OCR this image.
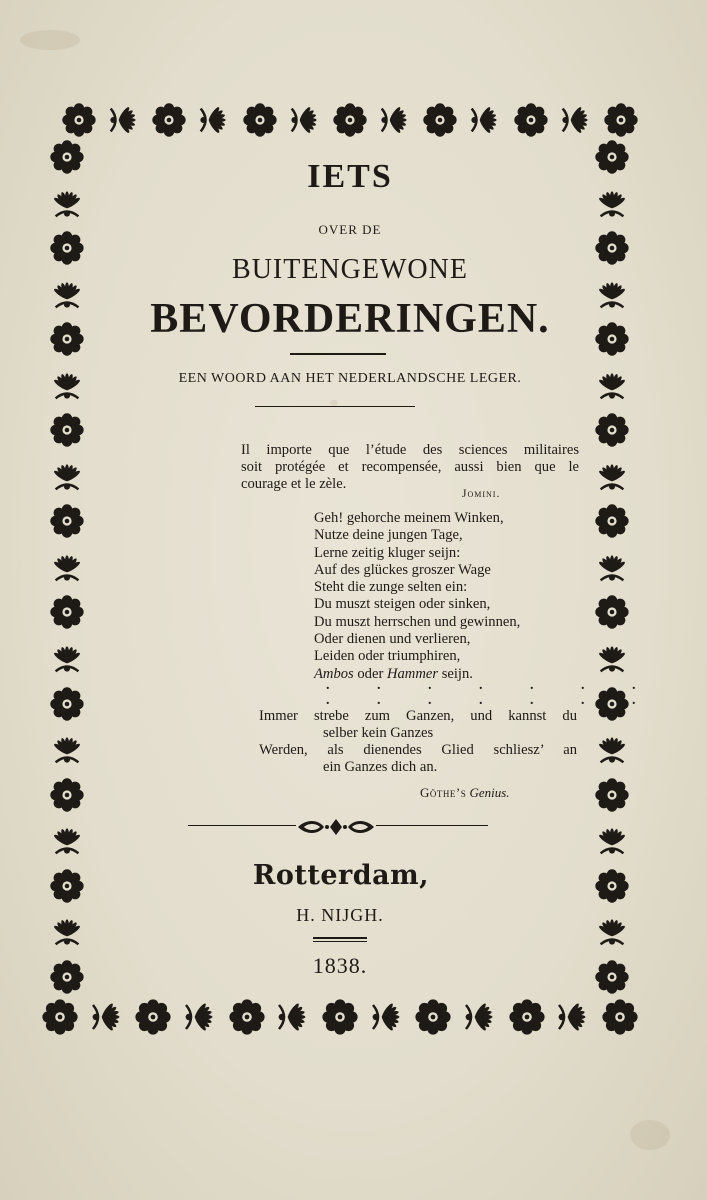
IETS
OVER DE
BUITENGEWONE
BEVORDERINGEN.
EEN WOORD AAN HET NEDERLANDSCHE LEGER.
Il importe que l’étude des sciences militaires
soit protégée et recompensée, aussi bien que le
courage et le zèle.
Jomini.
Geh! gehorche meinem Winken,
Nutze deine jungen Tage,
Lerne zeitig kluger seijn:
Auf des glückes groszer Wage
Steht die zunge selten ein:
Du muszt steigen oder sinken,
Du muszt herrschen und gewinnen,
Oder dienen und verlieren,
Leiden oder triumphiren,
Ambos oder Hammer seijn.
. . . . . . .
. . . . . . .
Immer strebe zum Ganzen, und kannst du
selber kein Ganzes
Werden, als dienendes Glied schliesz’ an
ein Ganzes dich an.
Göthe’s Genius.
Rotterdam,
H. NIJGH.
1838.
